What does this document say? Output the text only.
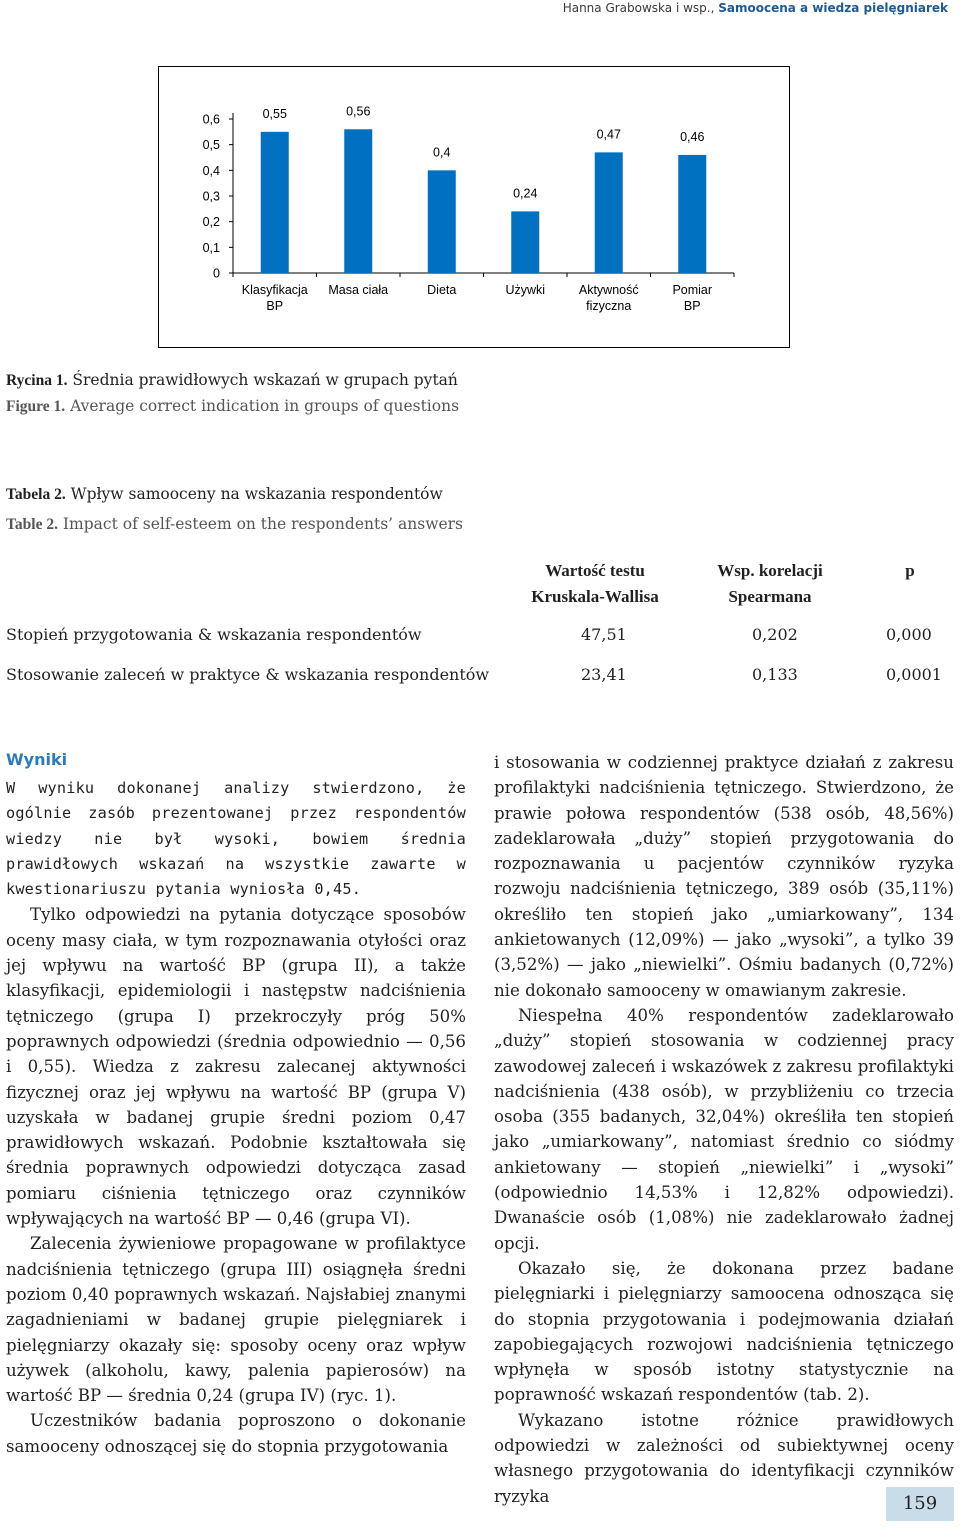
Hanna Grabowska i wsp., Samoocena a wiedza pielęgniarek
0
0,1
0,2
0,3
0,4
0,5
0,6	0,55
Klasyfikacja
BP
0,56
Masa ciała
0,4
Dieta
0,24
Używki
0,47
Aktywność
fizyczna
0,46
Pomiar
BP
Rycina 1. Średnia prawidłowych wskazań w grupach pytań
Figure 1. Average correct indication in groups of questions
Tabela 2. Wpływ samooceny na wskazania respondentów
Table 2. Impact of self-esteem on the respondents’ answers
Wartość testu
Kruskala-Wallisa
Wsp. korelacji
Spearmana
p
Stopień przygotowania & wskazania respondentów	47,51	0,202	0,000
Stosowanie zaleceń w praktyce & wskazania respondentów	23,41	0,133	0,0001
Wyniki

W wyniku dokonanej analizy stwierdzono, że ogólnie zasób prezentowanej przez respondentów wiedzy nie był wysoki, bowiem średnia prawidłowych wskazań na wszystkie zawarte w kwestionariuszu pytania wyniosła 0,45.

Tylko odpowiedzi na pytania dotyczące sposobów oceny masy ciała, w tym rozpoznawania otyłości oraz jej wpływu na wartość BP (grupa II), a także klasyfikacji, epidemiologii i następstw nadciśnienia tętniczego (grupa I) przekroczyły próg 50% poprawnych odpowiedzi (średnia odpowiednio — 0,56 i 0,55). Wiedza z zakresu zalecanej aktywności fizycznej oraz jej wpływu na wartość BP (grupa V) uzyskała w badanej grupie średni poziom 0,47 prawidłowych wskazań. Podobnie kształtowała się średnia poprawnych odpowiedzi dotycząca zasad pomiaru ciśnienia tętniczego oraz czynników wpływających na wartość BP — 0,46 (grupa VI).

Zalecenia żywieniowe propagowane w profilaktyce nadciśnienia tętniczego (grupa III) osiągnęła średni poziom 0,40 poprawnych wskazań. Najsłabiej znanymi zagadnieniami w badanej grupie pielęgniarek i pielęgniarzy okazały się: sposoby oceny oraz wpływ używek (alkoholu, kawy, palenia papierosów) na wartość BP — średnia 0,24 (grupa IV) (ryc. 1).

Uczestników badania poproszono o dokonanie samooceny odnoszącej się do stopnia przygotowania

i stosowania w codziennej praktyce działań z zakresu profilaktyki nadciśnienia tętniczego. Stwierdzono, że prawie połowa respondentów (538 osób, 48,56%) zadeklarowała „duży” stopień przygotowania do rozpoznawania u pacjentów czynników ryzyka rozwoju nadciśnienia tętniczego, 389 osób (35,11%) określiło ten stopień jako „umiarkowany”, 134 ankietowanych (12,09%) — jako „wysoki”, a tylko 39 (3,52%) — jako „niewielki”. Ośmiu badanych (0,72%) nie dokonało samooceny w omawianym zakresie.

Niespełna 40% respondentów zadeklarowało „duży” stopień stosowania w codziennej pracy zawodowej zaleceń i wskazówek z zakresu profilaktyki nadciśnienia (438 osób), w przybliżeniu co trzecia osoba (355 badanych, 32,04%) określiła ten stopień jako „umiarkowany”, natomiast średnio co siódmy ankietowany — stopień „niewielki” i „wysoki” (odpowiednio 14,53% i 12,82% odpowiedzi). Dwanaście osób (1,08%) nie zadeklarowało żadnej opcji.

Okazało się, że dokonana przez badane pielęgniarki i pielęgniarzy samoocena odnosząca się do stopnia przygotowania i podejmowania działań zapobiegających rozwojowi nadciśnienia tętniczego wpłynęła w sposób istotny statystycznie na poprawność wskazań respondentów (tab. 2).

Wykazano istotne różnice prawidłowych odpowiedzi w zależności od subiektywnej oceny własnego przygotowania do identyfikacji czynników ryzyka	159
